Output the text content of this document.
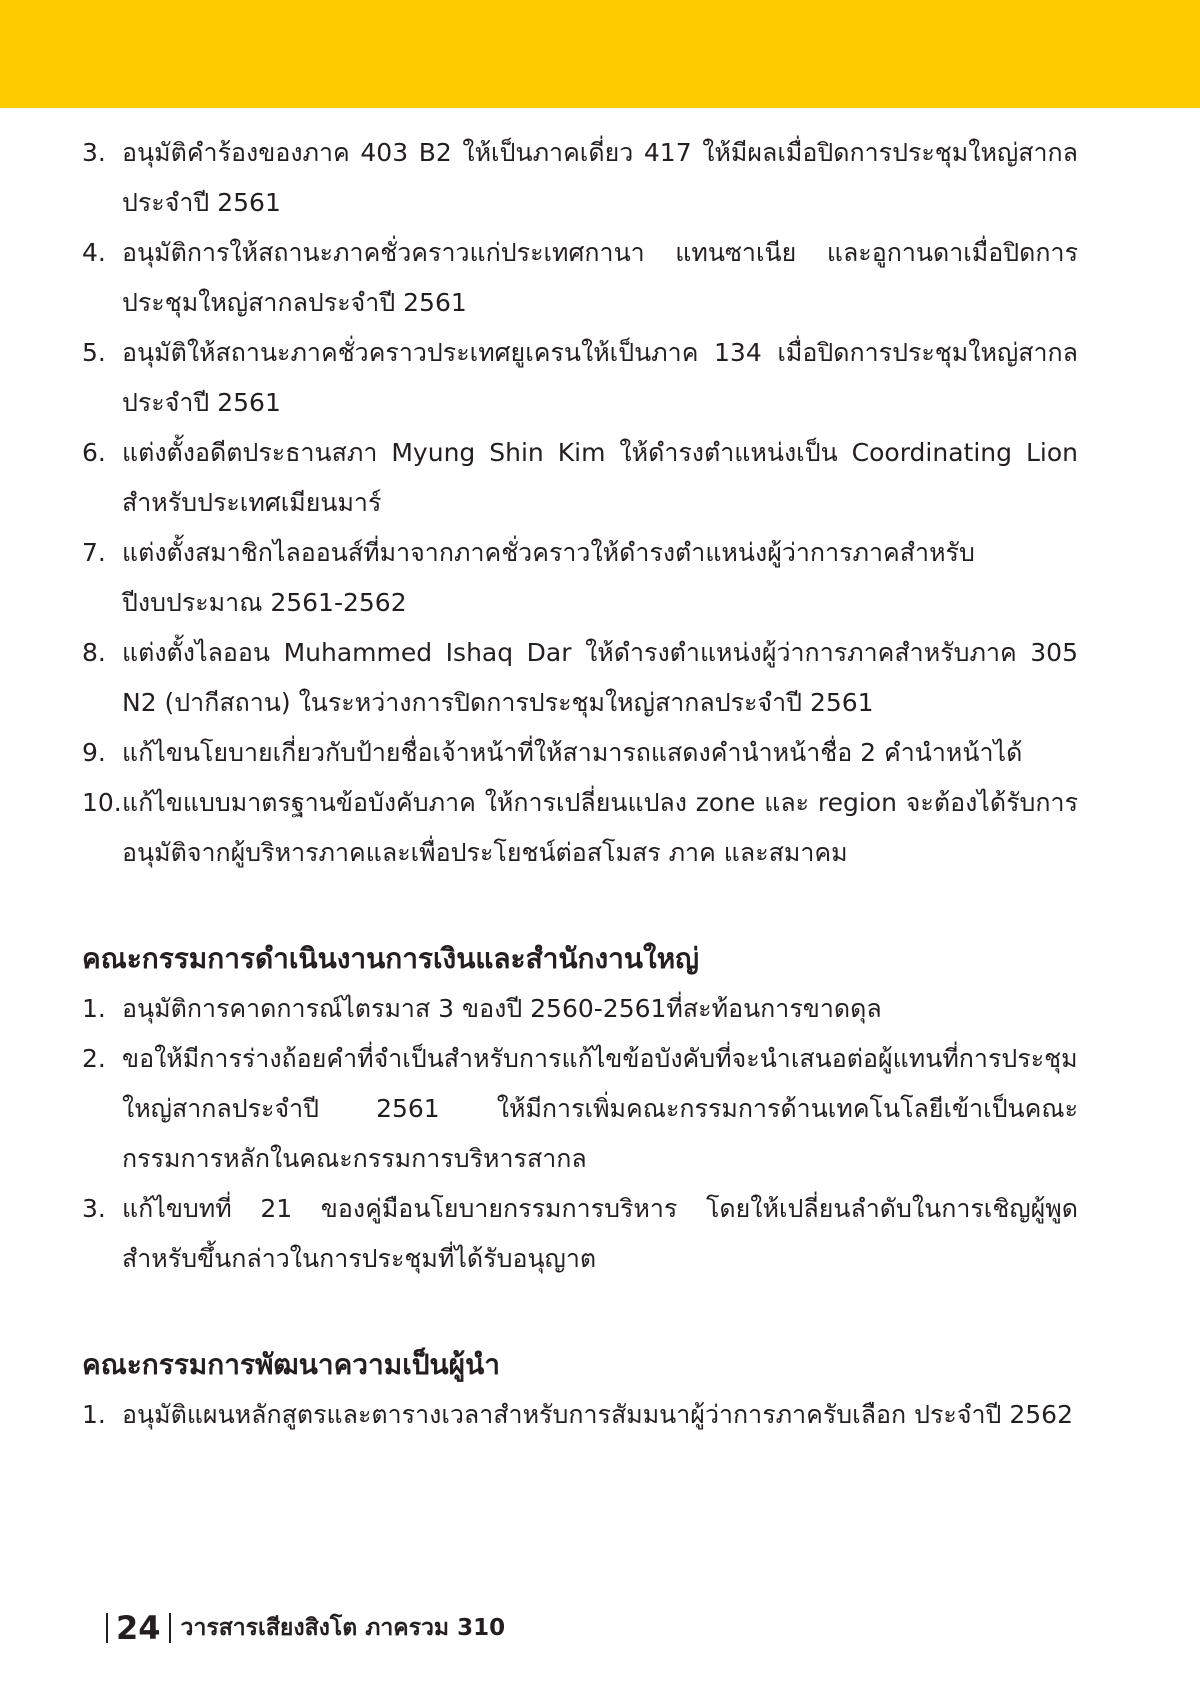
3. อนุมัติคำร้องของภาค 403 B2 ให้เป็นภาคเดี่ยว 417 ให้มีผลเมื่อปิดการประชุมใหญ่สากลประจำปี 2561
4. อนุมัติการให้สถานะภาคชั่วคราวแก่ประเทศกานา แทนซาเนีย และอูกานดาเมื่อปิดการประชุมใหญ่สากลประจำปี 2561
5. อนุมัติให้สถานะภาคชั่วคราวประเทศยูเครนให้เป็นภาค 134 เมื่อปิดการประชุมใหญ่สากลประจำปี 2561
6. แต่งตั้งอดีตประธานสภา Myung Shin Kim ให้ดำรงตำแหน่งเป็น Coordinating Lion สำหรับประเทศเมียนมาร์
7. แต่งตั้งสมาชิกไลออนส์ที่มาจากภาคชั่วคราวให้ดำรงตำแหน่งผู้ว่าการภาคสำหรับปีงบประมาณ 2561-2562
8. แต่งตั้งไลออน Muhammed Ishaq Dar ให้ดำรงตำแหน่งผู้ว่าการภาคสำหรับภาค 305 N2 (ปากีสถาน) ในระหว่างการปิดการประชุมใหญ่สากลประจำปี 2561
9. แก้ไขนโยบายเกี่ยวกับป้ายชื่อเจ้าหน้าที่ให้สามารถแสดงคำนำหน้าชื่อ 2 คำนำหน้าได้
10. แก้ไขแบบมาตรฐานข้อบังคับภาค ให้การเปลี่ยนแปลง zone และ region จะต้องได้รับการอนุมัติจากผู้บริหารภาคและเพื่อประโยชน์ต่อสโมสร ภาค และสมาคม
คณะกรรมการดำเนินงานการเงินและสำนักงานใหญ่
1. อนุมัติการคาดการณ์ไตรมาส 3 ของปี 2560-2561ที่สะท้อนการขาดดุล
2. ขอให้มีการร่างถ้อยคำที่จำเป็นสำหรับการแก้ไขข้อบังคับที่จะนำเสนอต่อผู้แทนที่การประชุมใหญ่สากลประจำปี 2561 ให้มีการเพิ่มคณะกรรมการด้านเทคโนโลยีเข้าเป็นคณะกรรมการหลักในคณะกรรมการบริหารสากล
3. แก้ไขบทที่ 21 ของคู่มือนโยบายกรรมการบริหาร โดยให้เปลี่ยนลำดับในการเชิญผู้พูดสำหรับขึ้นกล่าวในการประชุมที่ได้รับอนุญาต
คณะกรรมการพัฒนาความเป็นผู้นำ
1. อนุมัติแผนหลักสูตรและตารางเวลาสำหรับการสัมมนาผู้ว่าการภาครับเลือก ประจำปี 2562
24 วารสารเสียงสิงโต ภาครวม 310
